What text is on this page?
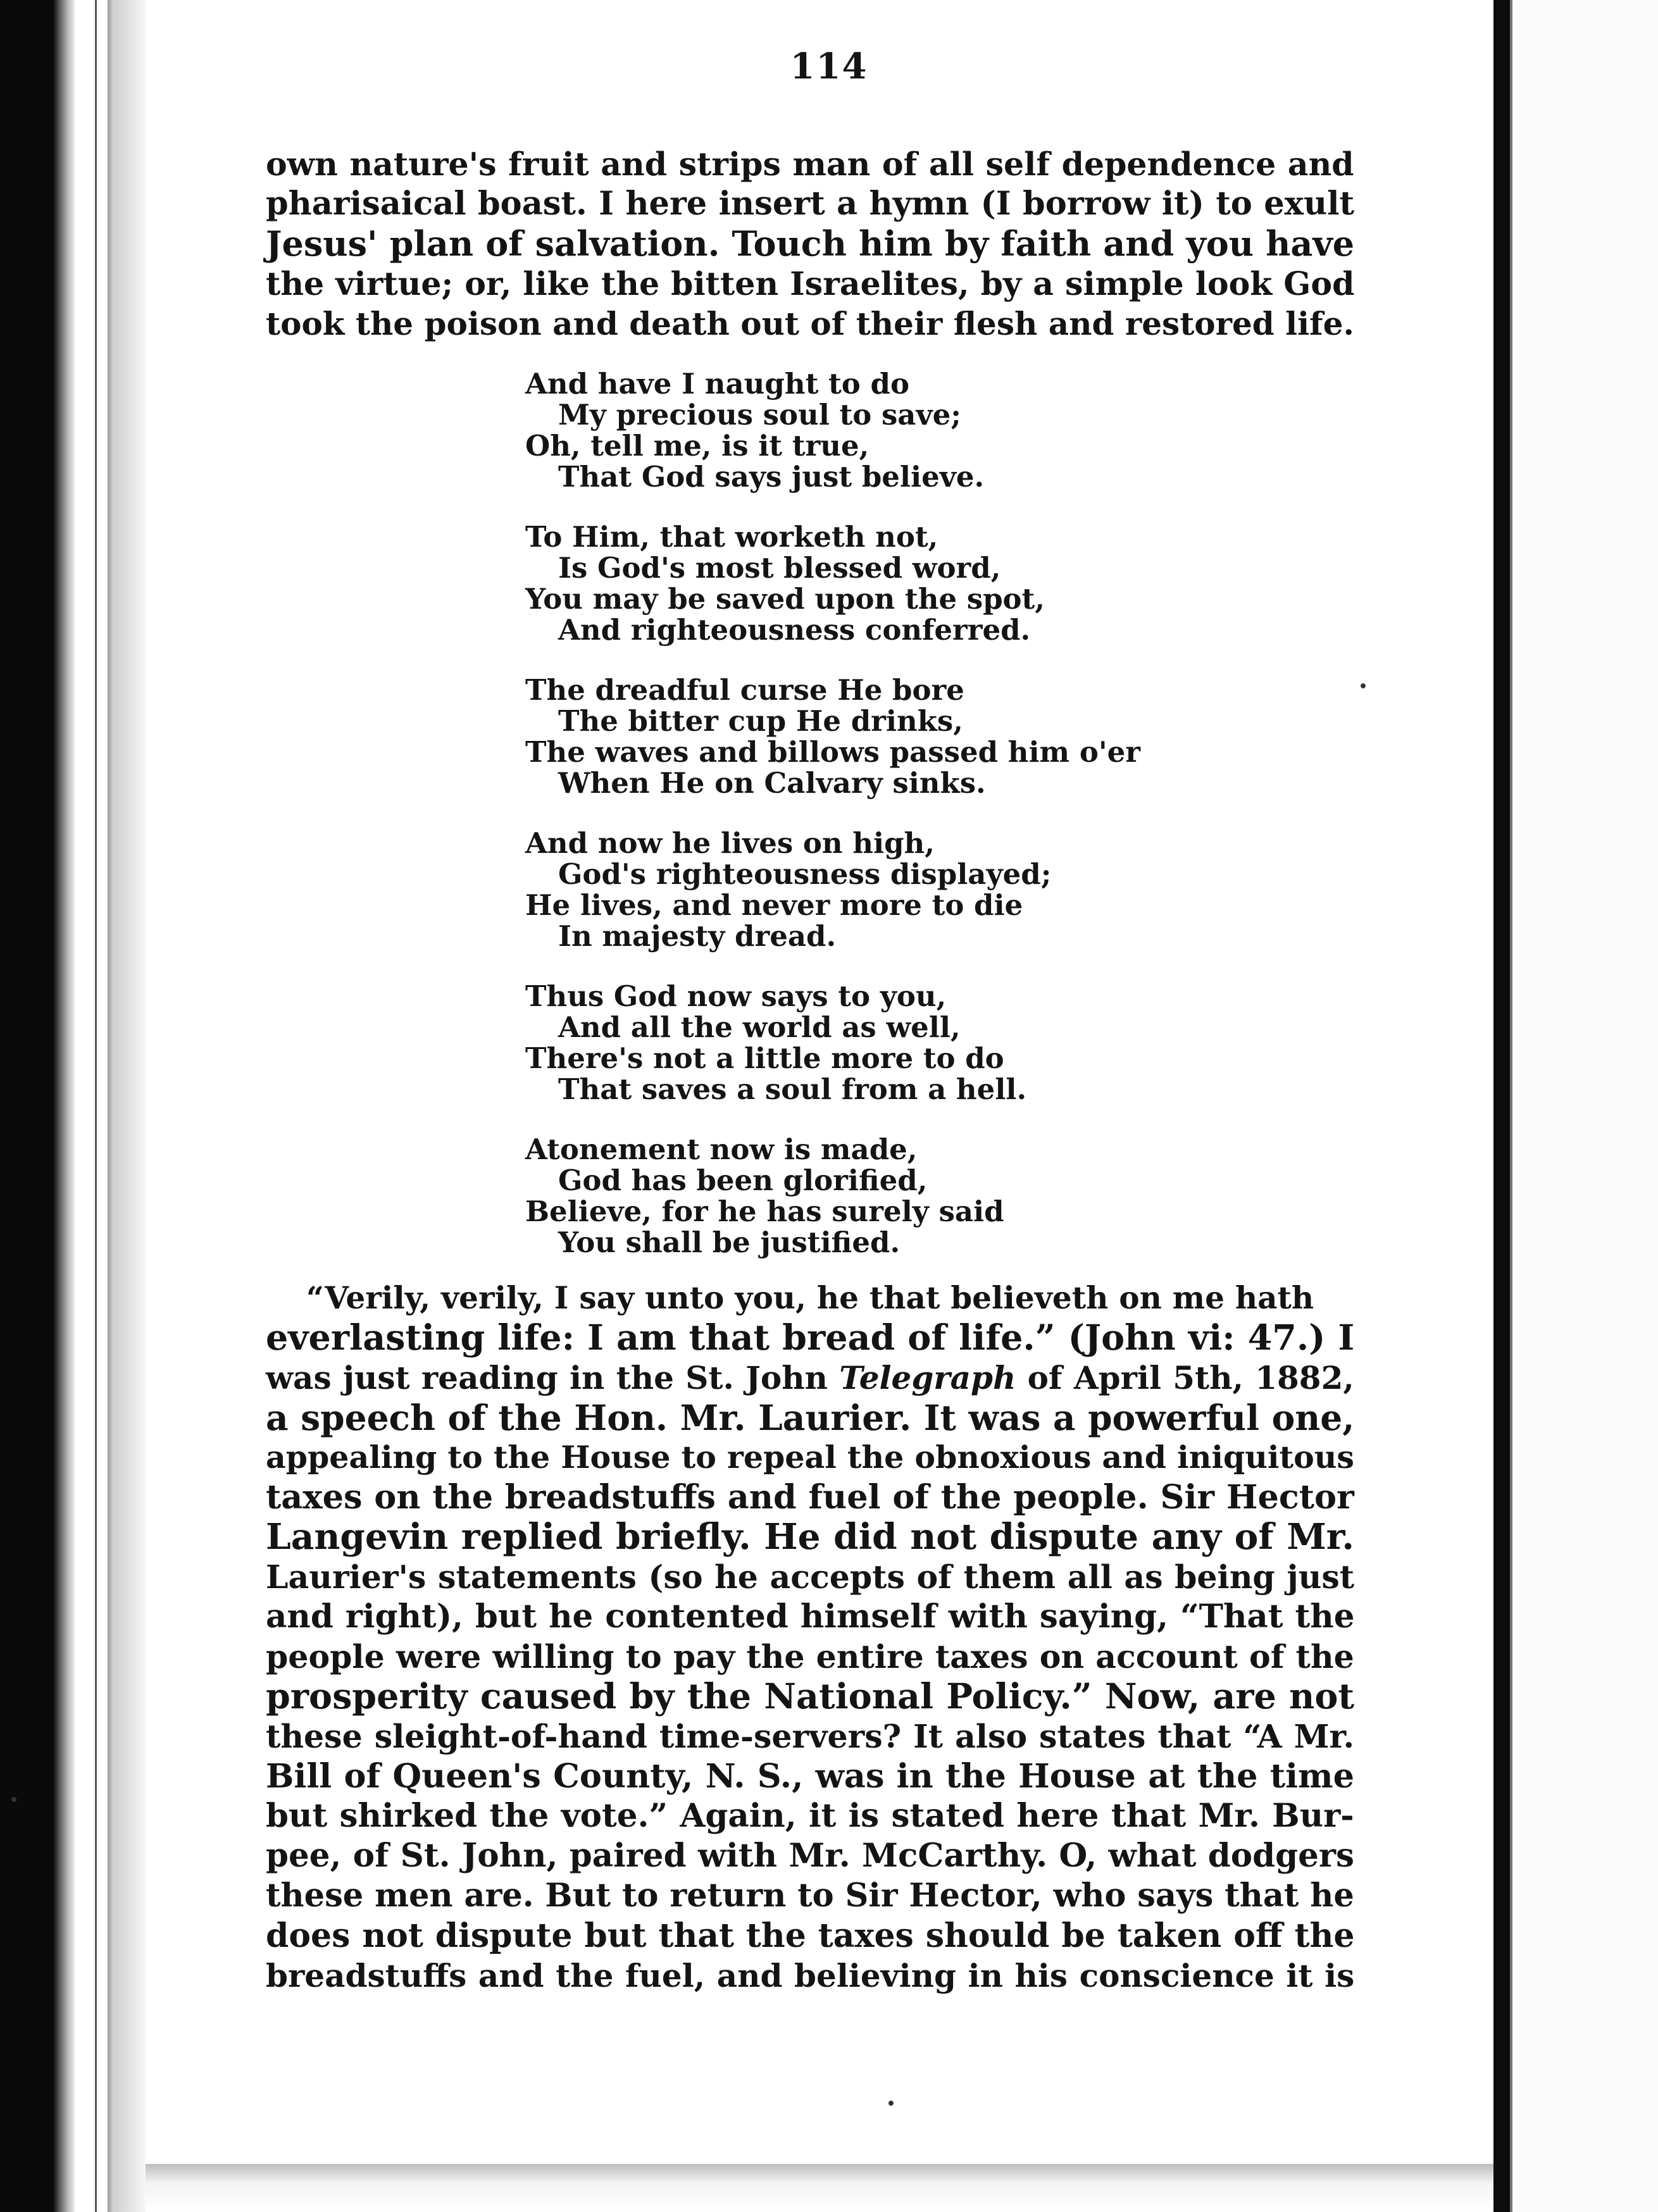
114
own nature's fruit and strips man of all self dependence and
pharisaical boast. I here insert a hymn (I borrow it) to exult
Jesus' plan of salvation. Touch him by faith and you have
the virtue; or, like the bitten Israelites, by a simple look God
took the poison and death out of their flesh and restored life.
And have I naught to do
My precious soul to save;
Oh, tell me, is it true,
That God says just believe.
To Him, that worketh not,
Is God's most blessed word,
You may be saved upon the spot,
And righteousness conferred.
The dreadful curse He bore
The bitter cup He drinks,
The waves and billows passed him o'er
When He on Calvary sinks.
And now he lives on high,
God's righteousness displayed;
He lives, and never more to die
In majesty dread.
Thus God now says to you,
And all the world as well,
There's not a little more to do
That saves a soul from a hell.
Atonement now is made,
God has been glorified,
Believe, for he has surely said
You shall be justified.
“Verily, verily, I say unto you, he that believeth on me hath
everlasting life: I am that bread of life.” (John vi: 47.) I
was just reading in the St. John Telegraph of April 5th, 1882,
a speech of the Hon. Mr. Laurier. It was a powerful one,
appealing to the House to repeal the obnoxious and iniquitous
taxes on the breadstuffs and fuel of the people. Sir Hector
Langevin replied briefly. He did not dispute any of Mr.
Laurier's statements (so he accepts of them all as being just
and right), but he contented himself with saying, “That the
people were willing to pay the entire taxes on account of the
prosperity caused by the National Policy.” Now, are not
these sleight-of-hand time-servers? It also states that “A Mr.
Bill of Queen's County, N. S., was in the House at the time
but shirked the vote.” Again, it is stated here that Mr. Bur-
pee, of St. John, paired with Mr. McCarthy. O, what dodgers
these men are. But to return to Sir Hector, who says that he
does not dispute but that the taxes should be taken off the
breadstuffs and the fuel, and believing in his conscience it is
